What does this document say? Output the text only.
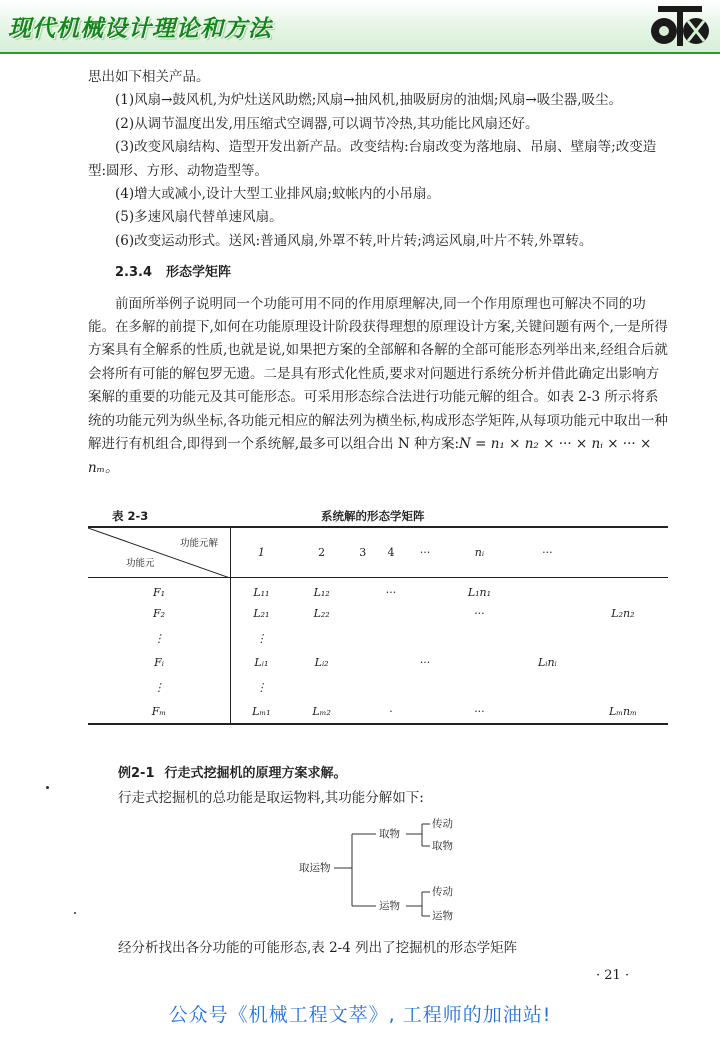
现代机械设计理论和方法

思出如下相关产品。

(1)风扇→鼓风机,为炉灶送风助燃;风扇→抽风机,抽吸厨房的油烟;风扇→吸尘器,吸尘。

(2)从调节温度出发,用压缩式空调器,可以调节冷热,其功能比风扇还好。

(3)改变风扇结构、造型开发出新产品。改变结构:台扇改变为落地扇、吊扇、壁扇等;改变造型:圆形、方形、动物造型等。

(4)增大或减小,设计大型工业排风扇;蚊帐内的小吊扇。

(5)多速风扇代替单速风扇。

(6)改变运动形式。送风:普通风扇,外罩不转,叶片转;鸿运风扇,叶片不转,外罩转。

2.3.4 形态学矩阵

前面所举例子说明同一个功能可用不同的作用原理解决,同一个作用原理也可解决不同的功能。在多解的前提下,如何在功能原理设计阶段获得理想的原理设计方案,关键问题有两个,一是所得方案具有全解系的性质,也就是说,如果把方案的全部解和各解的全部可能形态列举出来,经组合后就会将所有可能的解包罗无遗。二是具有形式化性质,要求对问题进行系统分析并借此确定出影响方案解的重要的功能元及其可能形态。可采用形态综合法进行功能元解的组合。如表 2-3 所示将系统的功能元列为纵坐标,各功能元相应的解法列为横坐标,构成形态学矩阵,从每项功能元中取出一种解进行有机组合,即得到一个系统解,最多可以组合出 N 种方案:N = n₁ × n₂ × ··· × nᵢ × ··· × nₘ。

表 2-3	系统解的形态学矩阵
功能元解
功能元	1	2	3	4	···	nᵢ	···	
F₁	L₁₁	L₁₂		···		L₁n₁		
F₂	L₂₁	L₂₂				···		L₂n₂
⋮	⋮							
Fᵢ	Lᵢ₁	Lᵢ₂			···		Lᵢnᵢ	
⋮	⋮							
Fₘ	Lₘ₁	Lₘ₂		·		···		Lₘnₘ
例2-1 行走式挖掘机的原理方案求解。
行走式挖掘机的总功能是取运物料,其功能分解如下:
取运物
取物
传动
取物
运物
传动
运物
经分析找出各分功能的可能形态,表 2-4 列出了挖掘机的形态学矩阵
· 21 ·
公众号《机械工程文萃》, 工程师的加油站!
